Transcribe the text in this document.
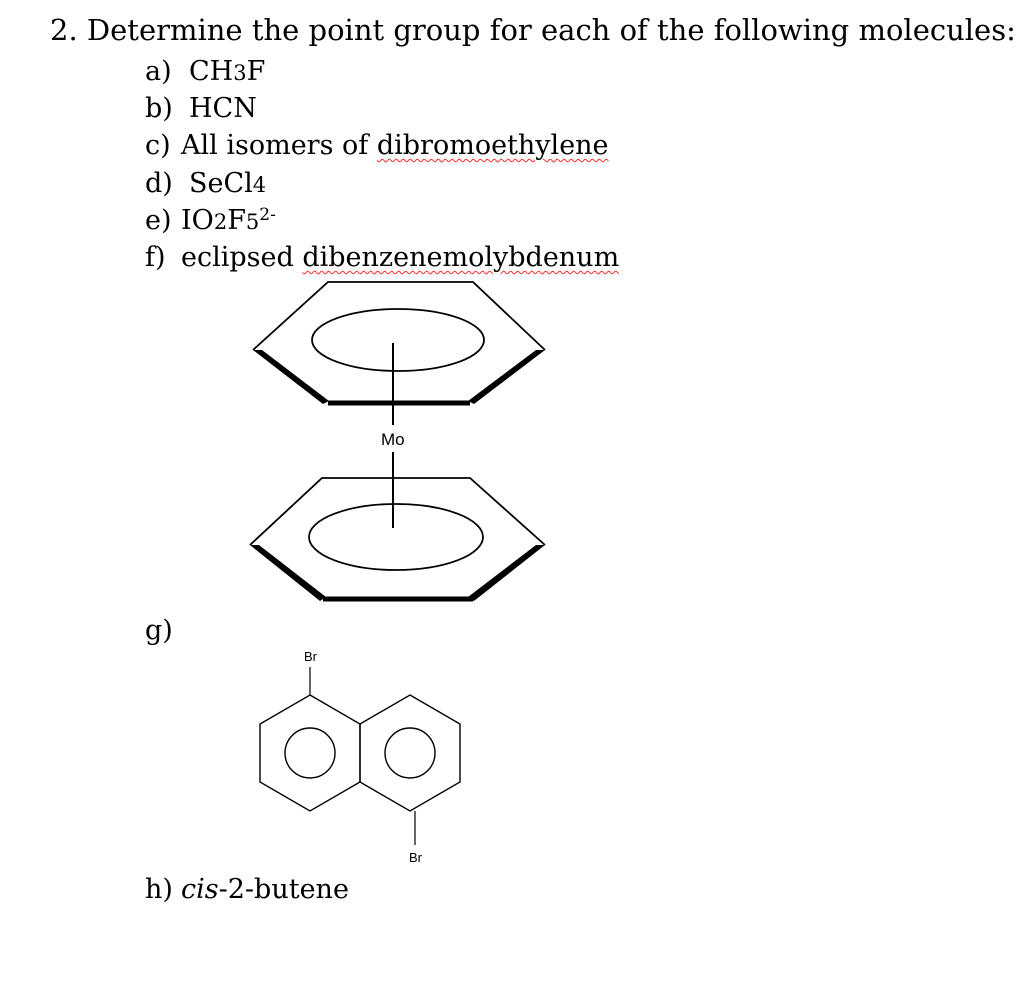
2. Determine the point group for each of the following molecules:
a) CH3F
b) HCN
c) All isomers of dibromoethylene
d) SeCl4
e) $IO2F5^{2-}$
f) eclipsed dibenzenemolybdenum
Mo
g)
Br
Br
h) cis-2-butene
